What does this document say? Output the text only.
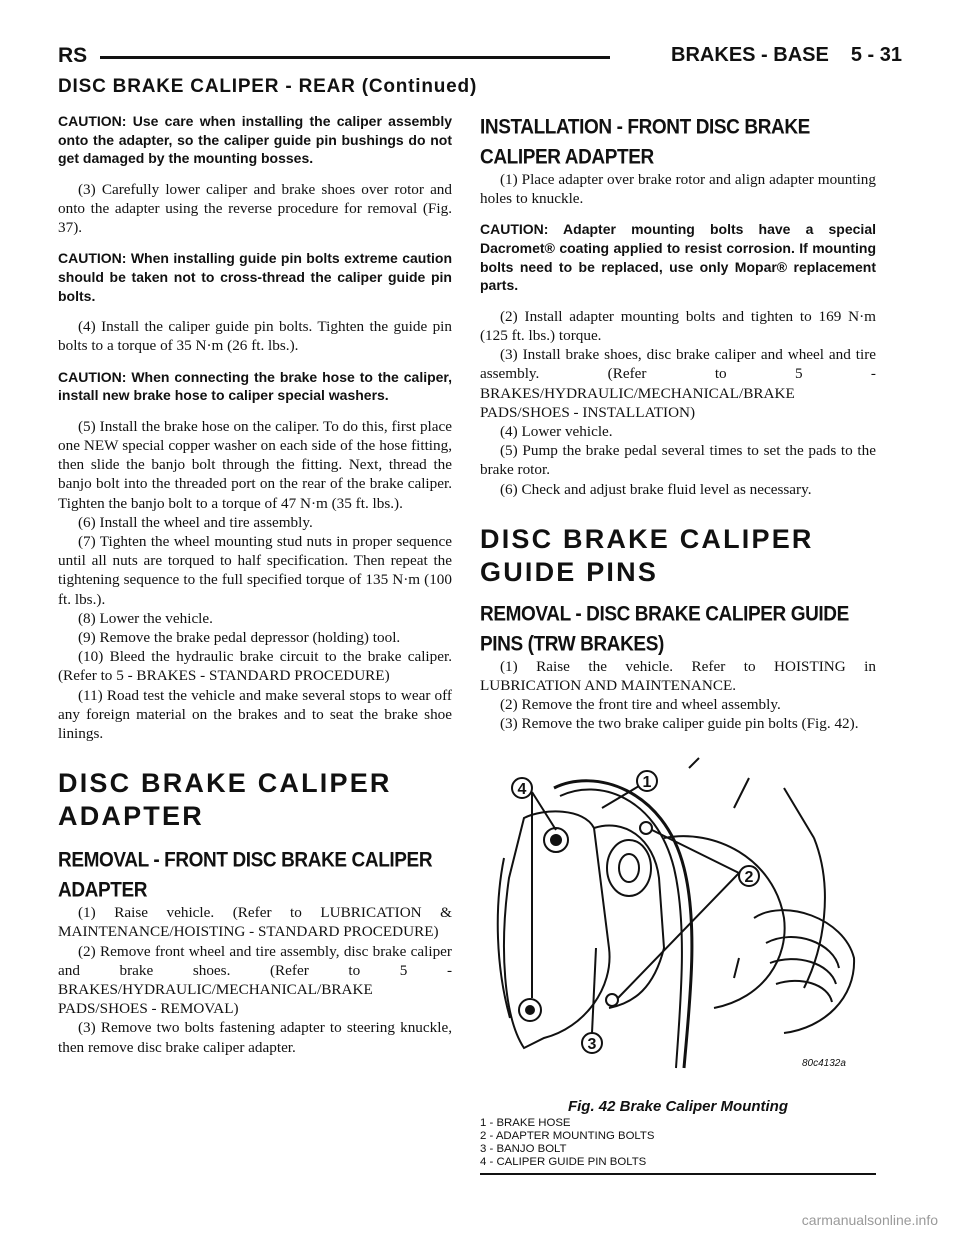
RS	BRAKES - BASE 5 - 31
DISC BRAKE CALIPER - REAR (Continued)

CAUTION: Use care when installing the caliper assembly onto the adapter, so the caliper guide pin bushings do not get damaged by the mounting bosses.

(3) Carefully lower caliper and brake shoes over rotor and onto the adapter using the reverse procedure for removal (Fig. 37).

CAUTION: When installing guide pin bolts extreme caution should be taken not to cross-thread the caliper guide pin bolts.

(4) Install the caliper guide pin bolts. Tighten the guide pin bolts to a torque of 35 N·m (26 ft. lbs.).

CAUTION: When connecting the brake hose to the caliper, install new brake hose to caliper special washers.

(5) Install the brake hose on the caliper. To do this, first place one NEW special copper washer on each side of the hose fitting, then slide the banjo bolt through the fitting. Next, thread the banjo bolt into the threaded port on the rear of the brake caliper. Tighten the banjo bolt to a torque of 47 N·m (35 ft. lbs.).

(6) Install the wheel and tire assembly.

(7) Tighten the wheel mounting stud nuts in proper sequence until all nuts are torqued to half specification. Then repeat the tightening sequence to the full specified torque of 135 N·m (100 ft. lbs.).

(8) Lower the vehicle.

(9) Remove the brake pedal depressor (holding) tool.

(10) Bleed the hydraulic brake circuit to the brake caliper. (Refer to 5 - BRAKES - STANDARD PROCEDURE)

(11) Road test the vehicle and make several stops to wear off any foreign material on the brakes and to seat the brake shoe linings.

DISC BRAKE CALIPER ADAPTER
REMOVAL - FRONT DISC BRAKE CALIPER ADAPTER

(1) Raise vehicle. (Refer to LUBRICATION & MAINTENANCE/HOISTING - STANDARD PROCEDURE)

(2) Remove front wheel and tire assembly, disc brake caliper and brake shoes. (Refer to 5 - BRAKES/HYDRAULIC/MECHANICAL/BRAKE PADS/SHOES - REMOVAL)

(3) Remove two bolts fastening adapter to steering knuckle, then remove disc brake caliper adapter.

INSTALLATION - FRONT DISC BRAKE CALIPER ADAPTER

(1) Place adapter over brake rotor and align adapter mounting holes to knuckle.

CAUTION: Adapter mounting bolts have a special Dacromet® coating applied to resist corrosion. If mounting bolts need to be replaced, use only Mopar® replacement parts.

(2) Install adapter mounting bolts and tighten to 169 N·m (125 ft. lbs.) torque.

(3) Install brake shoes, disc brake caliper and wheel and tire assembly. (Refer to 5 - BRAKES/HYDRAULIC/MECHANICAL/BRAKE PADS/SHOES - INSTALLATION)

(4) Lower vehicle.

(5) Pump the brake pedal several times to set the pads to the brake rotor.

(6) Check and adjust brake fluid level as necessary.

DISC BRAKE CALIPER GUIDE PINS
REMOVAL - DISC BRAKE CALIPER GUIDE PINS (TRW BRAKES)

(1) Raise the vehicle. Refer to HOISTING in LUBRICATION AND MAINTENANCE.

(2) Remove the front tire and wheel assembly.

(3) Remove the two brake caliper guide pin bolts (Fig. 42).

1
2
3
4
80c4132a
Fig. 42 Brake Caliper Mounting
1 - BRAKE HOSE
2 - ADAPTER MOUNTING BOLTS
3 - BANJO BOLT
4 - CALIPER GUIDE PIN BOLTS
carmanualsonline.info
